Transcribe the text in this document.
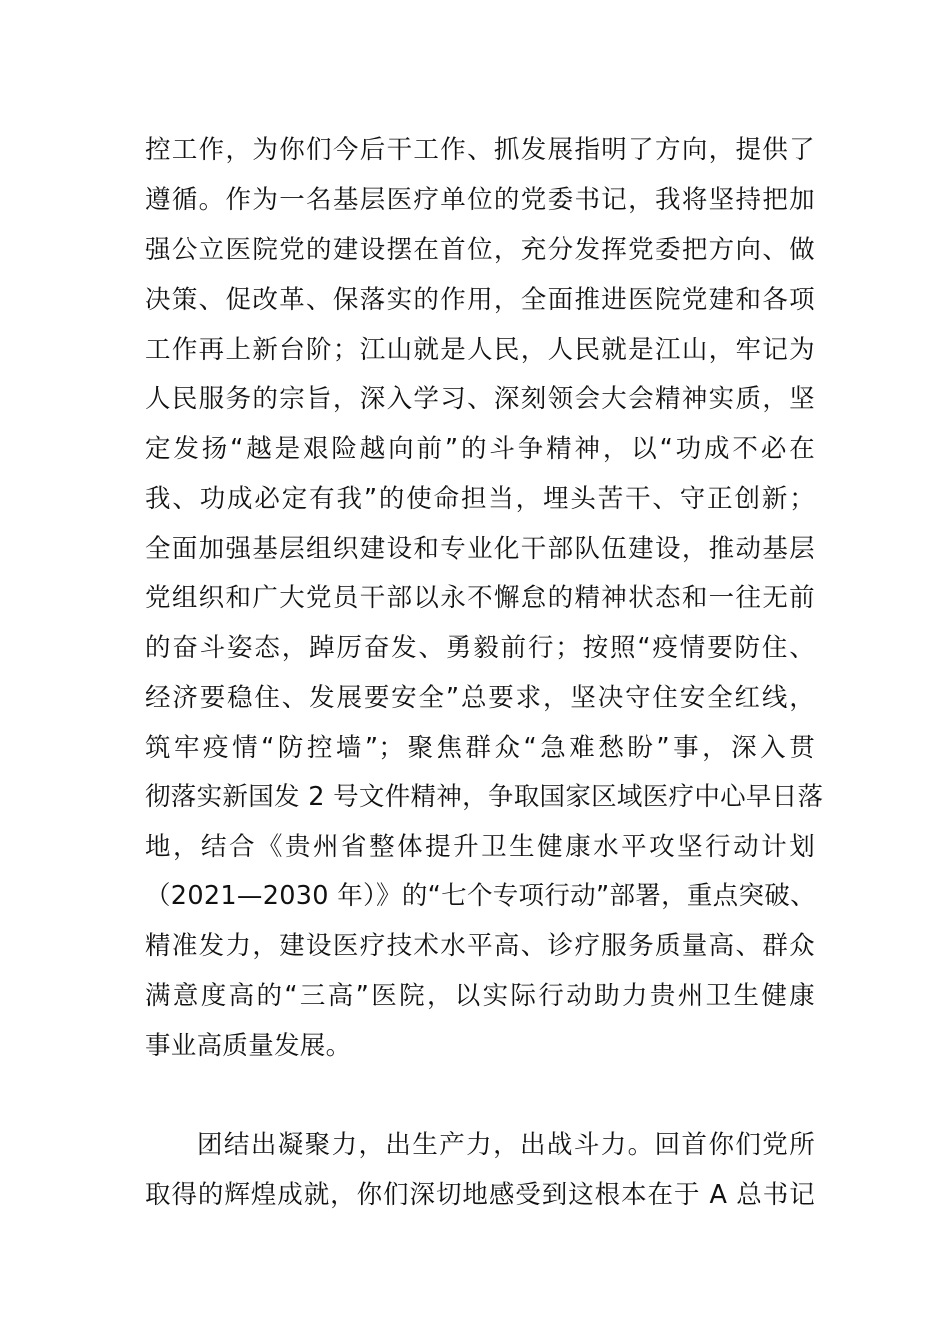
控工作，为你们今后干工作、抓发展指明了方向，提供了
遵循。作为一名基层医疗单位的党委书记，我将坚持把加
强公立医院党的建设摆在首位，充分发挥党委把方向、做
决策、促改革、保落实的作用，全面推进医院党建和各项
工作再上新台阶；江山就是人民，人民就是江山，牢记为
人民服务的宗旨，深入学习、深刻领会大会精神实质，坚
定发扬“越是艰险越向前”的斗争精神，以“功成不必在
我、功成必定有我”的使命担当，埋头苦干、守正创新；
全面加强基层组织建设和专业化干部队伍建设，推动基层
党组织和广大党员干部以永不懈怠的精神状态和一往无前
的奋斗姿态，踔厉奋发、勇毅前行；按照“疫情要防住、
经济要稳住、发展要安全”总要求，坚决守住安全红线，
筑牢疫情“防控墙”；聚焦群众“急难愁盼”事，深入贯
彻落实新国发 2 号文件精神，争取国家区域医疗中心早日落
地，结合《贵州省整体提升卫生健康水平攻坚行动计划
（2021—2030 年）》的“七个专项行动”部署，重点突破、
精准发力，建设医疗技术水平高、诊疗服务质量高、群众
满意度高的“三高”医院，以实际行动助力贵州卫生健康
事业高质量发展。
团结出凝聚力，出生产力，出战斗力。回首你们党所
取得的辉煌成就，你们深切地感受到这根本在于 A 总书记
